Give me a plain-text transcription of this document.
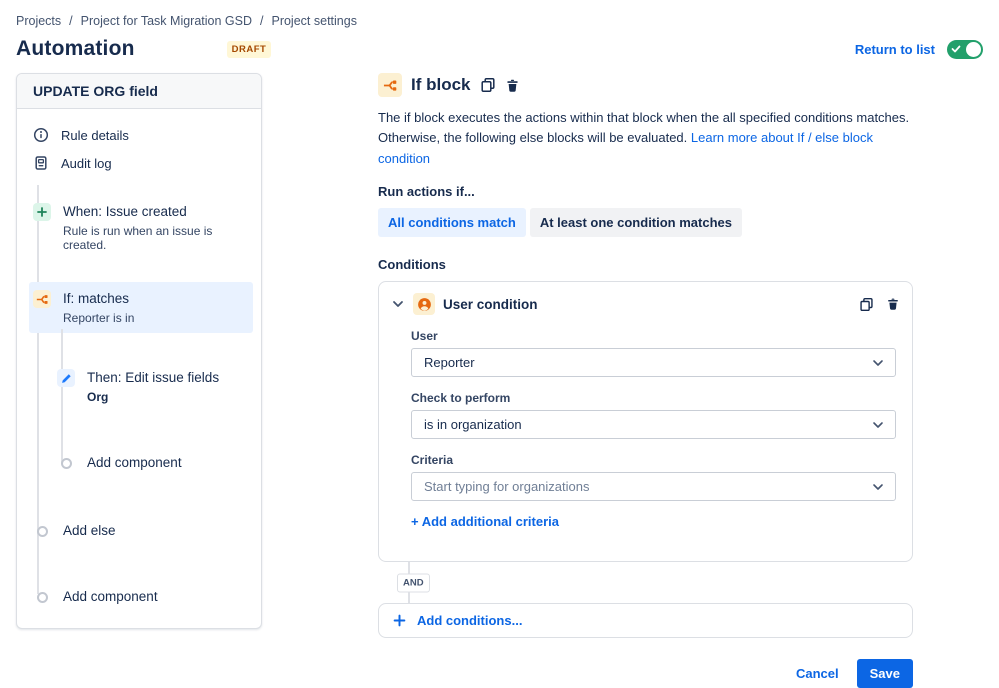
Projects / Project for Task Migration GSD / Project settings
Automation	DRAFT	Return to list
UPDATE ORG field
Rule details
Audit log
When: Issue created
Rule is run when an issue is created.
If: matches
Reporter is in
Then: Edit issue fields
Org
Add component
Add else
Add component
If block
The if block executes the actions within that block when the all specified conditions matches. Otherwise, the following else blocks will be evaluated. Learn more about If / else block condition
Run actions if...
All conditions match	At least one condition matches
Conditions
User condition
User
Reporter
Check to perform
is in organization
Criteria
Start typing for organizations
+ Add additional criteria
AND
Add conditions...
Cancel	Save
